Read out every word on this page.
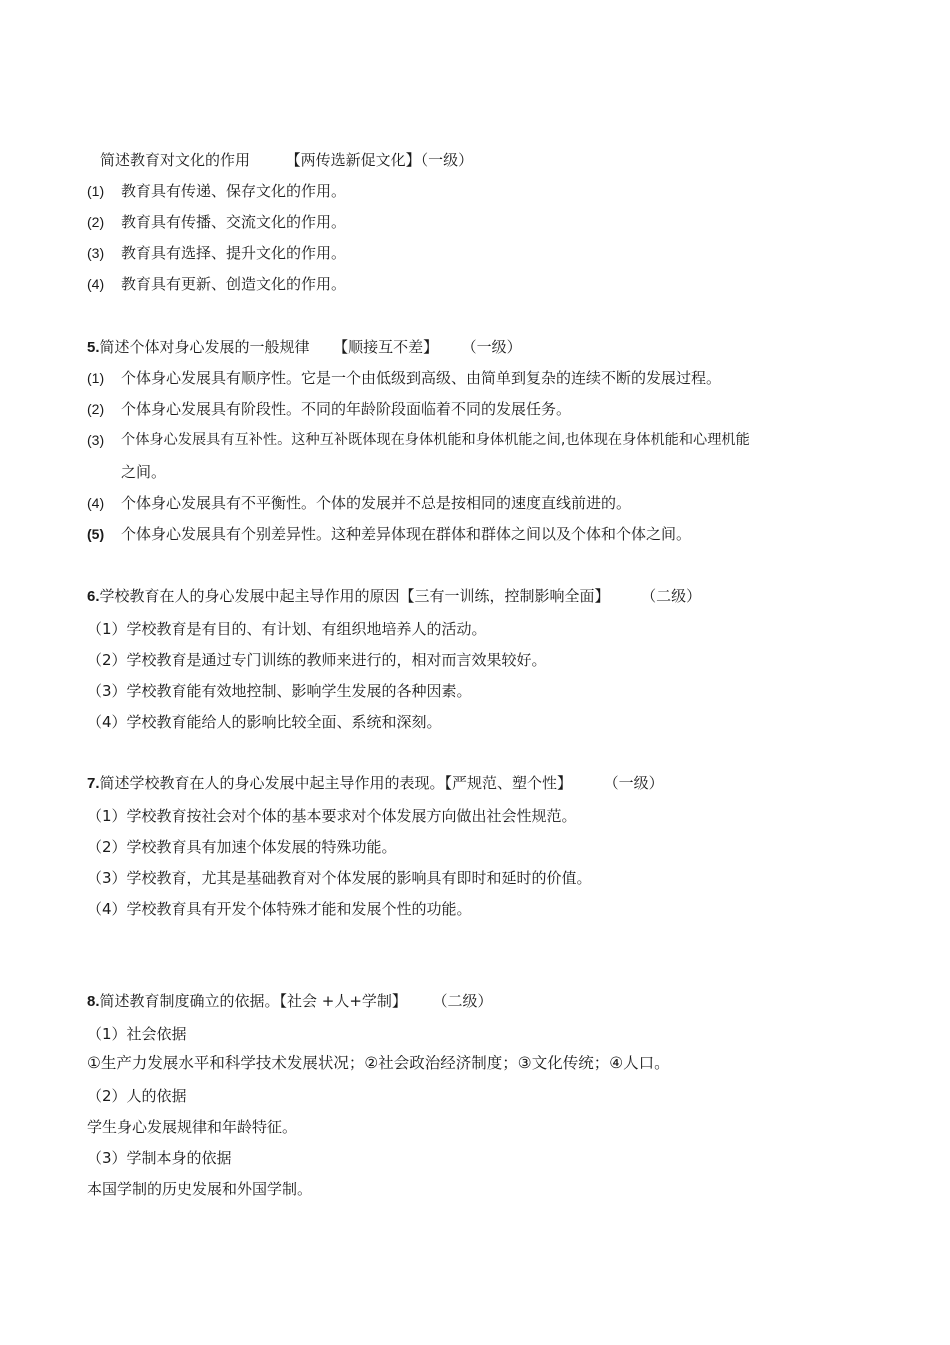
简述教育对文化的作用 【两传选新促文化】（一级）
(1) 教育具有传递、保存文化的作用。
(2) 教育具有传播、交流文化的作用。
(3) 教育具有选择、提升文化的作用。
(4) 教育具有更新、创造文化的作用。
5.简述个体对身心发展的一般规律 【顺接互不差】 （一级）
(1) 个体身心发展具有顺序性。它是一个由低级到高级、由简单到复杂的连续不断的发展过程。
(2) 个体身心发展具有阶段性。不同的年龄阶段面临着不同的发展任务。
(3) 个体身心发展具有互补性。这种互补既体现在身体机能和身体机能之间,也体现在身体机能和心理机能
之间。
(4) 个体身心发展具有不平衡性。个体的发展并不总是按相同的速度直线前进的。
(5) 个体身心发展具有个别差异性。这种差异体现在群体和群体之间以及个体和个体之间。
6.学校教育在人的身心发展中起主导作用的原因【三有一训练，控制影响全面】 （二级）
（1）学校教育是有目的、有计划、有组织地培养人的活动。
（2）学校教育是通过专门训练的教师来进行的，相对而言效果较好。
（3）学校教育能有效地控制、影响学生发展的各种因素。
（4）学校教育能给人的影响比较全面、系统和深刻。
7.简述学校教育在人的身心发展中起主导作用的表现。【严规范、塑个性】 （一级）
（1）学校教育按社会对个体的基本要求对个体发展方向做出社会性规范。
（2）学校教育具有加速个体发展的特殊功能。
（3）学校教育，尤其是基础教育对个体发展的影响具有即时和延时的价值。
（4）学校教育具有开发个体特殊才能和发展个性的功能。
8.简述教育制度确立的依据。【社会 +人+学制】 （二级）
（1）社会依据
①生产力发展水平和科学技术发展状况；②社会政治经济制度；③文化传统；④人口。
（2）人的依据
学生身心发展规律和年龄特征。
（3）学制本身的依据
本国学制的历史发展和外国学制。
